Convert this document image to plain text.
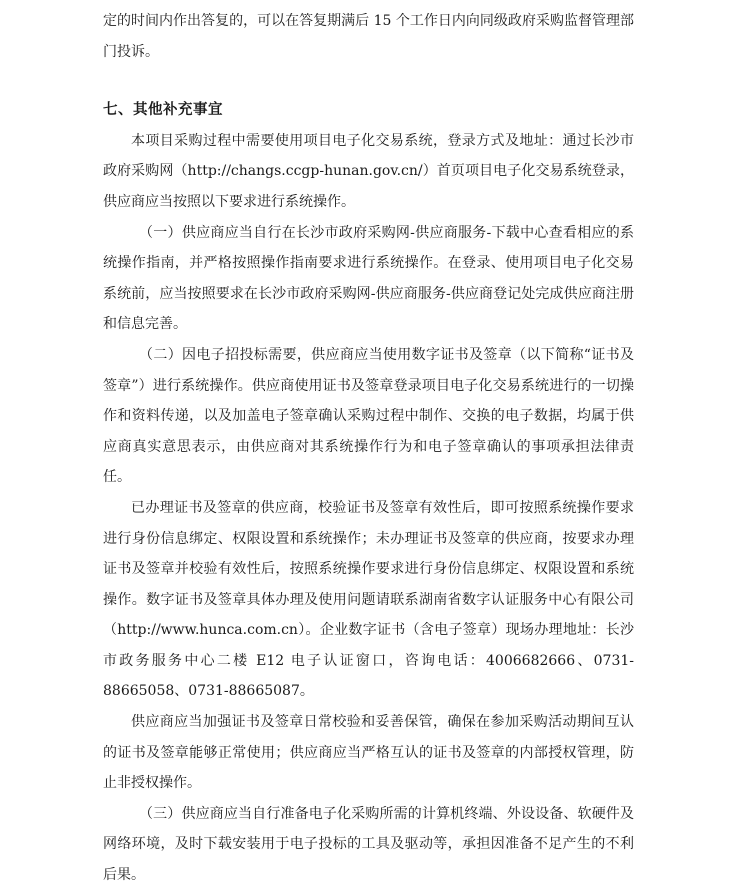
定的时间内作出答复的，可以在答复期满后 15 个工作日内向同级政府采购监督管理部门投诉。

七、其他补充事宜

本项目采购过程中需要使用项目电子化交易系统，登录方式及地址：通过长沙市政府采购网（http://changs.ccgp-hunan.gov.cn/）首页项目电子化交易系统登录，供应商应当按照以下要求进行系统操作。

（一）供应商应当自行在长沙市政府采购网-供应商服务-下载中心查看相应的系统操作指南，并严格按照操作指南要求进行系统操作。在登录、使用项目电子化交易系统前，应当按照要求在长沙市政府采购网-供应商服务-供应商登记处完成供应商注册和信息完善。

（二）因电子招投标需要，供应商应当使用数字证书及签章（以下简称“证书及签章”）进行系统操作。供应商使用证书及签章登录项目电子化交易系统进行的一切操作和资料传递，以及加盖电子签章确认采购过程中制作、交换的电子数据，均属于供应商真实意思表示，由供应商对其系统操作行为和电子签章确认的事项承担法律责任。

已办理证书及签章的供应商，校验证书及签章有效性后，即可按照系统操作要求进行身份信息绑定、权限设置和系统操作；未办理证书及签章的供应商，按要求办理证书及签章并校验有效性后，按照系统操作要求进行身份信息绑定、权限设置和系统操作。数字证书及签章具体办理及使用问题请联系湖南省数字认证服务中心有限公司（http://www.hunca.com.cn）。企业数字证书（含电子签章）现场办理地址：长沙市政务服务中心二楼 E12 电子认证窗口，咨询电话：4006682666、0731-88665058、0731-88665087。

供应商应当加强证书及签章日常校验和妥善保管，确保在参加采购活动期间互认的证书及签章能够正常使用；供应商应当严格互认的证书及签章的内部授权管理，防止非授权操作。

（三）供应商应当自行准备电子化采购所需的计算机终端、外设设备、软硬件及网络环境，及时下载安装用于电子投标的工具及驱动等，承担因准备不足产生的不利后果。
